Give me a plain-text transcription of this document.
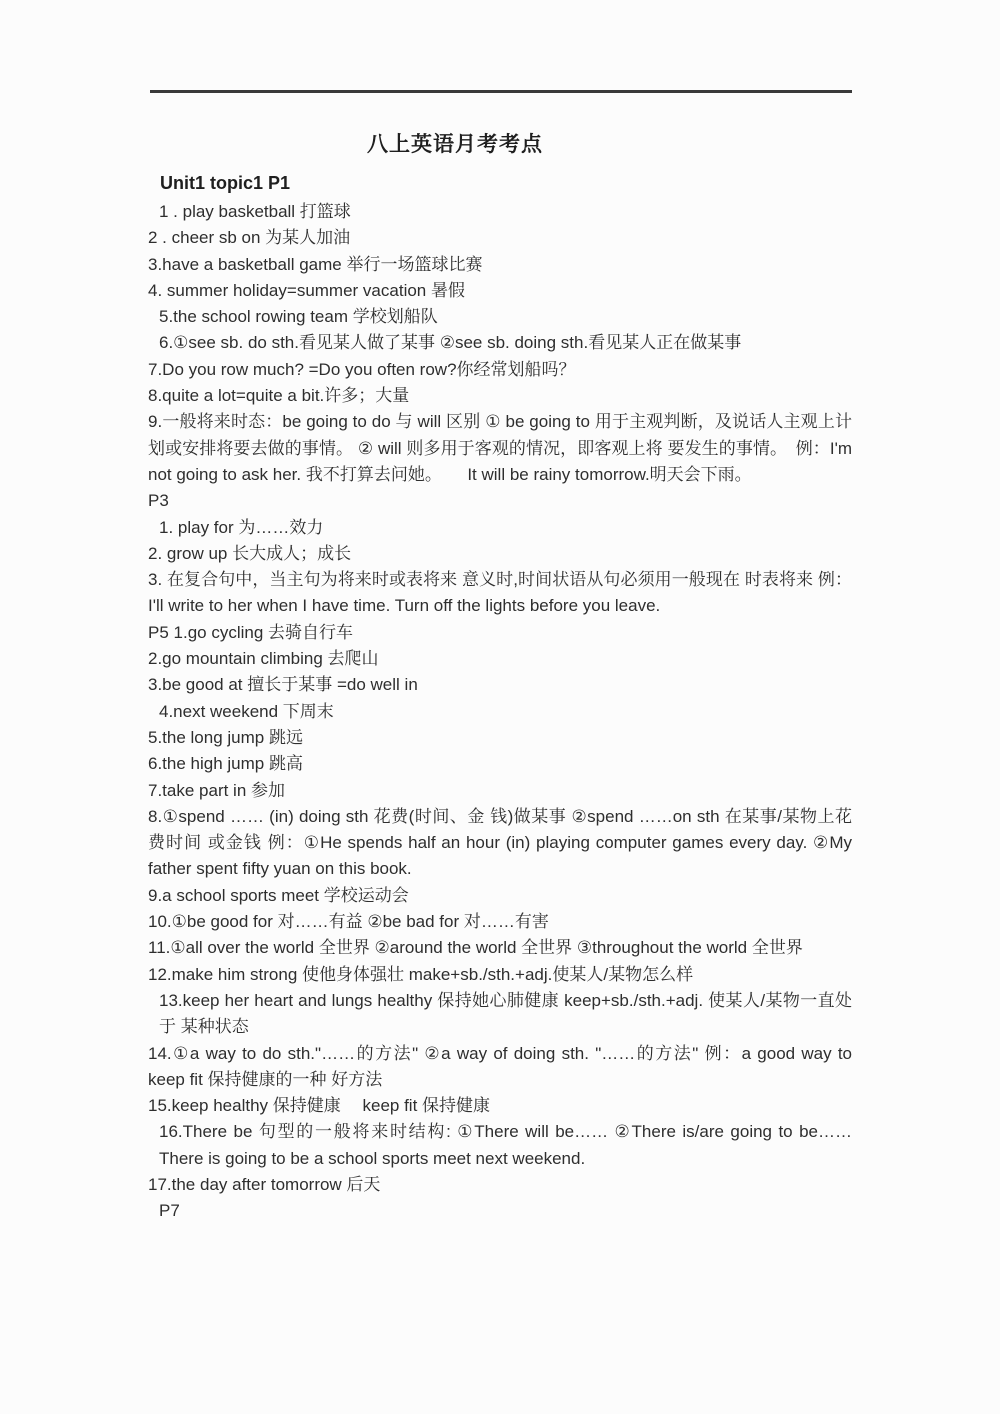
八上英语月考考点
Unit1 topic1 P1

1 . play basketball 打篮球

2 . cheer sb on 为某人加油

3.have a basketball game 举行一场篮球比赛

4. summer holiday=summer vacation 暑假

5.the school rowing team 学校划船队

6.①see sb. do sth.看见某人做了某事 ②see sb. doing sth.看见某人正在做某事

7.Do you row much? =Do you often row?你经常划船吗？

8.quite a lot=quite a bit.许多；大量

9.一般将来时态：be going to do 与 will 区别 ① be going to 用于主观判断，及说话人主观上计划或安排将要去做的事情。 ② will 则多用于客观的情况，即客观上将 要发生的事情。　例：I'm not going to ask her. 我不打算去问她。　　It will be rainy tomorrow.明天会下雨。

P3

1. play for 为……效力

2. grow up 长大成人；成长

3. 在复合句中，当主句为将来时或表将来 意义时,时间状语从句必须用一般现在 时表将来 例：I'll write to her when I have time. Turn off the lights before you leave.

P5 1.go cycling 去骑自行车

2.go mountain climbing 去爬山

3.be good at 擅长于某事 =do well in

4.next weekend 下周末

5.the long jump 跳远

6.the high jump 跳高

7.take part in 参加

8.①spend …… (in) doing sth 花费(时间、金 钱)做某事 ②spend ……on sth 在某事/某物上花费时间 或金钱 例：①He spends half an hour (in) playing computer games every day. ②My father spent fifty yuan on this book.

9.a school sports meet 学校运动会

10.①be good for 对……有益 ②be bad for 对……有害

11.①all over the world 全世界 ②around the world 全世界 ③throughout the world 全世界

12.make him strong 使他身体强壮 make+sb./sth.+adj.使某人/某物怎么样

13.keep her heart and lungs healthy 保持她心肺健康 keep+sb./sth.+adj. 使某人/某物一直处于 某种状态

14.①a way to do sth."……的方法" ②a way of doing sth. "……的方法" 例：a good way to keep fit 保持健康的一种 好方法

15.keep healthy 保持健康　 keep fit 保持健康

16.There be 句型的一般将来时结构: ①There will be…… ②There is/are going to be…… There is going to be a school sports meet next weekend.

17.the day after tomorrow 后天

P7
